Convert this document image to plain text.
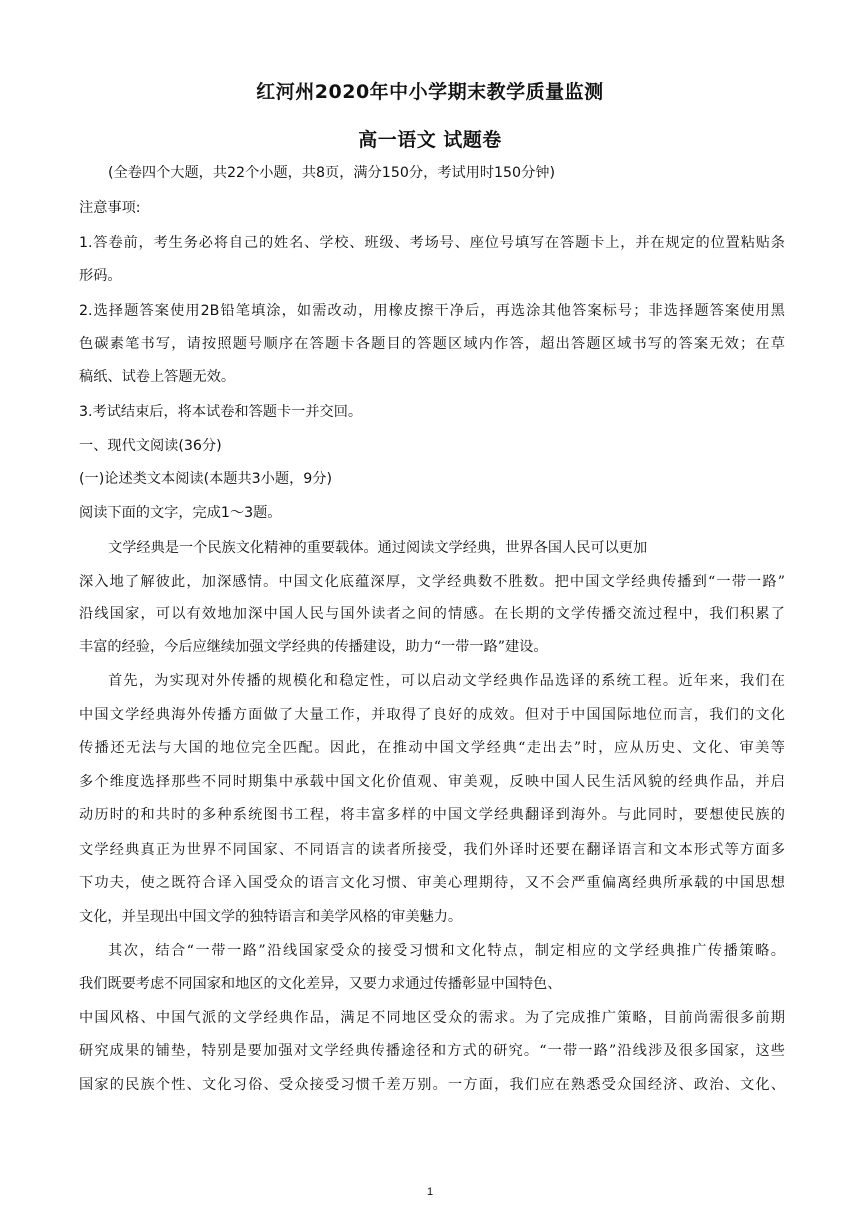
红河州2020年中小学期末教学质量监测
高一语文 试题卷
(全卷四个大题，共22个小题，共8页，满分150分，考试用时150分钟)
注意事项:
1.答卷前，考生务必将自己的姓名、学校、班级、考场号、座位号填写在答题卡上，并在规定的位置粘贴条
形码。
2.选择题答案使用2B铅笔填涂，如需改动，用橡皮擦干净后，再选涂其他答案标号；非选择题答案使用黑
色碳素笔书写，请按照题号顺序在答题卡各题目的答题区域内作答，超出答题区域书写的答案无效；在草
稿纸、试卷上答题无效。
3.考试结束后，将本试卷和答题卡一并交回。
一、现代文阅读(36分)
(一)论述类文本阅读(本题共3小题，9分)
阅读下面的文字，完成1～3题。
文学经典是一个民族文化精神的重要载体。通过阅读文学经典，世界各国人民可以更加
深入地了解彼此，加深感情。中国文化底蕴深厚，文学经典数不胜数。把中国文学经典传播到“一带一路”
沿线国家，可以有效地加深中国人民与国外读者之间的情感。在长期的文学传播交流过程中，我们积累了
丰富的经验，今后应继续加强文学经典的传播建设，助力“一带一路”建设。
首先，为实现对外传播的规模化和稳定性，可以启动文学经典作品选译的系统工程。近年来，我们在
中国文学经典海外传播方面做了大量工作，并取得了良好的成效。但对于中国国际地位而言，我们的文化
传播还无法与大国的地位完全匹配。因此，在推动中国文学经典“走出去”时，应从历史、文化、审美等
多个维度选择那些不同时期集中承载中国文化价值观、审美观，反映中国人民生活风貌的经典作品，并启
动历时的和共时的多种系统图书工程，将丰富多样的中国文学经典翻译到海外。与此同时，要想使民族的
文学经典真正为世界不同国家、不同语言的读者所接受，我们外译时还要在翻译语言和文本形式等方面多
下功夫，使之既符合译入国受众的语言文化习惯、审美心理期待，又不会严重偏离经典所承载的中国思想
文化，并呈现出中国文学的独特语言和美学风格的审美魅力。
其次，结合“一带一路”沿线国家受众的接受习惯和文化特点，制定相应的文学经典推广传播策略。
我们既要考虑不同国家和地区的文化差异，又要力求通过传播彰显中国特色、
中国风格、中国气派的文学经典作品，满足不同地区受众的需求。为了完成推广策略，目前尚需很多前期
研究成果的铺垫，特别是要加强对文学经典传播途径和方式的研究。“一带一路”沿线涉及很多国家，这些
国家的民族个性、文化习俗、受众接受习惯千差万别。一方面，我们应在熟悉受众国经济、政治、文化、
1
